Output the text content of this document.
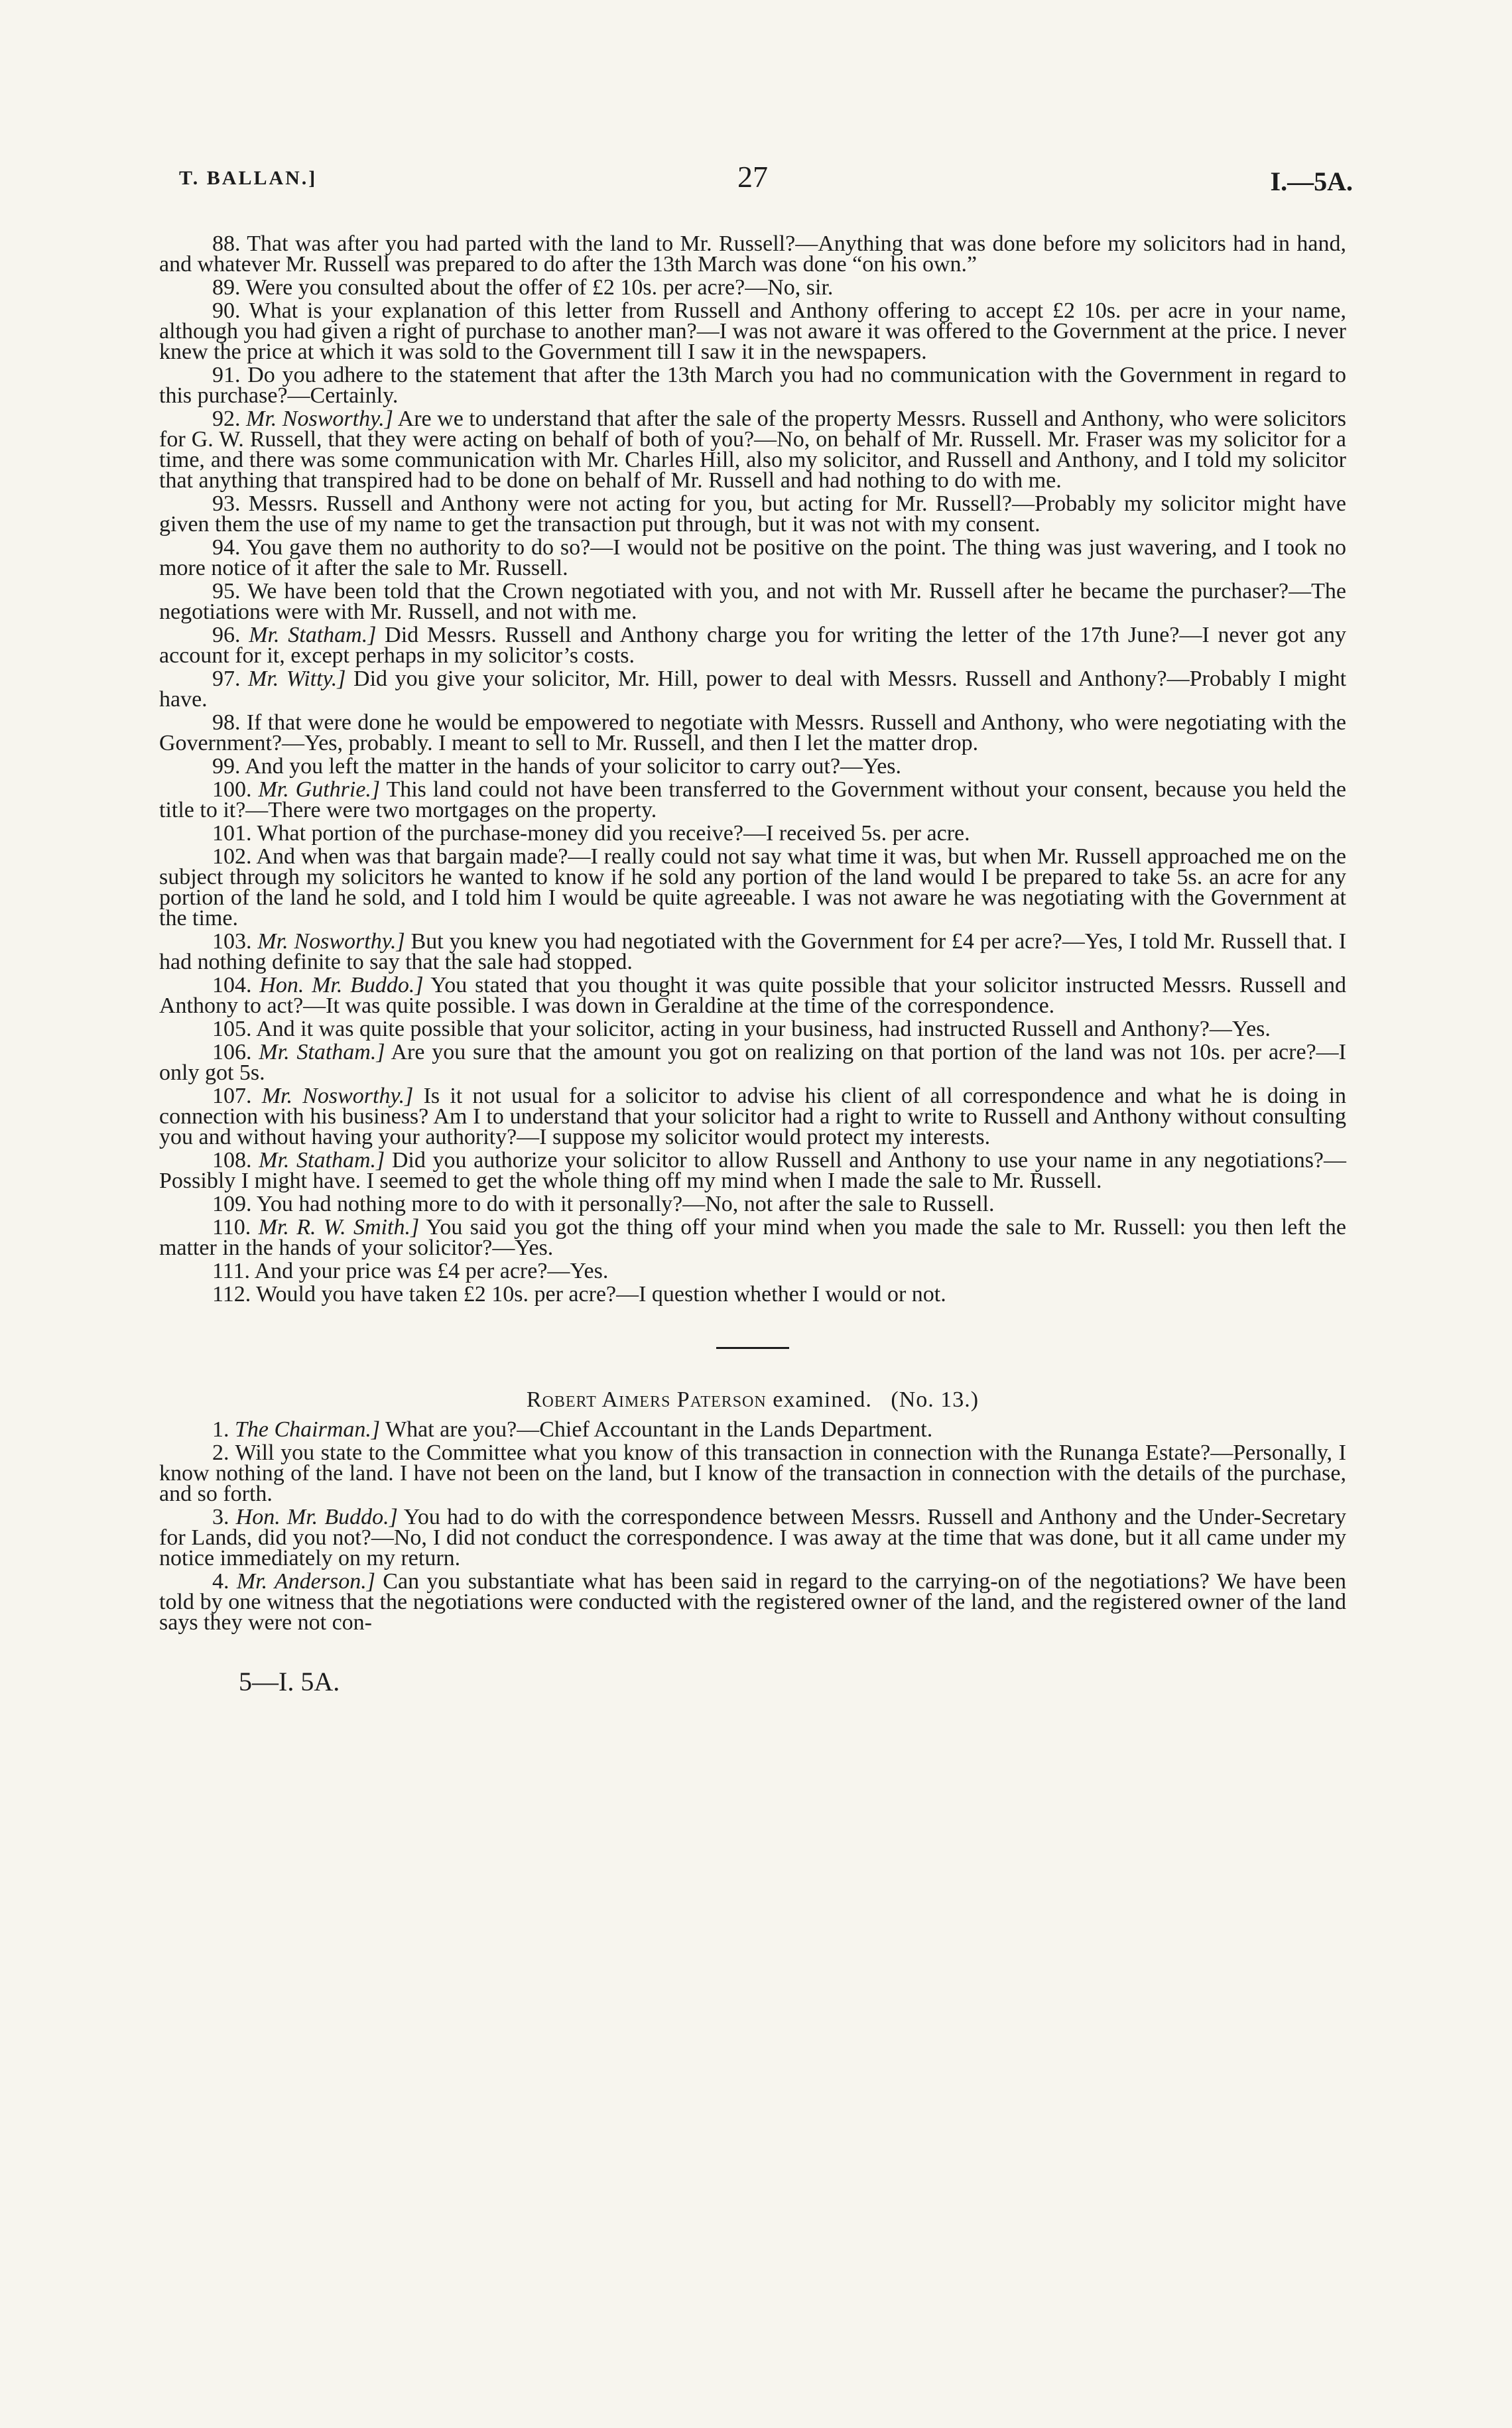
T. BALLAN.]	27	I.—5A.

88. That was after you had parted with the land to Mr. Russell?—Anything that was done before my solicitors had in hand, and whatever Mr. Russell was prepared to do after the 13th March was done “on his own.”

89. Were you consulted about the offer of £2 10s. per acre?—No, sir.

90. What is your explanation of this letter from Russell and Anthony offering to accept £2 10s. per acre in your name, although you had given a right of purchase to another man?—I was not aware it was offered to the Government at the price. I never knew the price at which it was sold to the Government till I saw it in the newspapers.

91. Do you adhere to the statement that after the 13th March you had no communication with the Government in regard to this purchase?—Certainly.

92. Mr. Nosworthy.] Are we to understand that after the sale of the property Messrs. Russell and Anthony, who were solicitors for G. W. Russell, that they were acting on behalf of both of you?—No, on behalf of Mr. Russell. Mr. Fraser was my solicitor for a time, and there was some communication with Mr. Charles Hill, also my solicitor, and Russell and Anthony, and I told my solicitor that anything that transpired had to be done on behalf of Mr. Russell and had nothing to do with me.

93. Messrs. Russell and Anthony were not acting for you, but acting for Mr. Russell?—Probably my solicitor might have given them the use of my name to get the transaction put through, but it was not with my consent.

94. You gave them no authority to do so?—I would not be positive on the point. The thing was just wavering, and I took no more notice of it after the sale to Mr. Russell.

95. We have been told that the Crown negotiated with you, and not with Mr. Russell after he became the purchaser?—The negotiations were with Mr. Russell, and not with me.

96. Mr. Statham.] Did Messrs. Russell and Anthony charge you for writing the letter of the 17th June?—I never got any account for it, except perhaps in my solicitor’s costs.

97. Mr. Witty.] Did you give your solicitor, Mr. Hill, power to deal with Messrs. Russell and Anthony?—Probably I might have.

98. If that were done he would be empowered to negotiate with Messrs. Russell and Anthony, who were negotiating with the Government?—Yes, probably. I meant to sell to Mr. Russell, and then I let the matter drop.

99. And you left the matter in the hands of your solicitor to carry out?—Yes.

100. Mr. Guthrie.] This land could not have been transferred to the Government without your consent, because you held the title to it?—There were two mortgages on the property.

101. What portion of the purchase-money did you receive?—I received 5s. per acre.

102. And when was that bargain made?—I really could not say what time it was, but when Mr. Russell approached me on the subject through my solicitors he wanted to know if he sold any portion of the land would I be prepared to take 5s. an acre for any portion of the land he sold, and I told him I would be quite agreeable. I was not aware he was negotiating with the Government at the time.

103. Mr. Nosworthy.] But you knew you had negotiated with the Government for £4 per acre?—Yes, I told Mr. Russell that. I had nothing definite to say that the sale had stopped.

104. Hon. Mr. Buddo.] You stated that you thought it was quite possible that your solicitor instructed Messrs. Russell and Anthony to act?—It was quite possible. I was down in Geraldine at the time of the correspondence.

105. And it was quite possible that your solicitor, acting in your business, had instructed Russell and Anthony?—Yes.

106. Mr. Statham.] Are you sure that the amount you got on realizing on that portion of the land was not 10s. per acre?—I only got 5s.

107. Mr. Nosworthy.] Is it not usual for a solicitor to advise his client of all correspondence and what he is doing in connection with his business? Am I to understand that your solicitor had a right to write to Russell and Anthony without consulting you and without having your authority?—I suppose my solicitor would protect my interests.

108. Mr. Statham.] Did you authorize your solicitor to allow Russell and Anthony to use your name in any negotiations?—Possibly I might have. I seemed to get the whole thing off my mind when I made the sale to Mr. Russell.

109. You had nothing more to do with it personally?—No, not after the sale to Russell.

110. Mr. R. W. Smith.] You said you got the thing off your mind when you made the sale to Mr. Russell: you then left the matter in the hands of your solicitor?—Yes.

111. And your price was £4 per acre?—Yes.

112. Would you have taken £2 10s. per acre?—I question whether I would or not.

Robert Aimers Paterson examined. (No. 13.)

1. The Chairman.] What are you?—Chief Accountant in the Lands Department.

2. Will you state to the Committee what you know of this transaction in connection with the Runanga Estate?—Personally, I know nothing of the land. I have not been on the land, but I know of the transaction in connection with the details of the purchase, and so forth.

3. Hon. Mr. Buddo.] You had to do with the correspondence between Messrs. Russell and Anthony and the Under-Secretary for Lands, did you not?—No, I did not conduct the correspondence. I was away at the time that was done, but it all came under my notice immediately on my return.

4. Mr. Anderson.] Can you substantiate what has been said in regard to the carrying-on of the negotiations? We have been told by one witness that the negotiations were conducted with the registered owner of the land, and the registered owner of the land says they were not con-

5—I. 5A.
